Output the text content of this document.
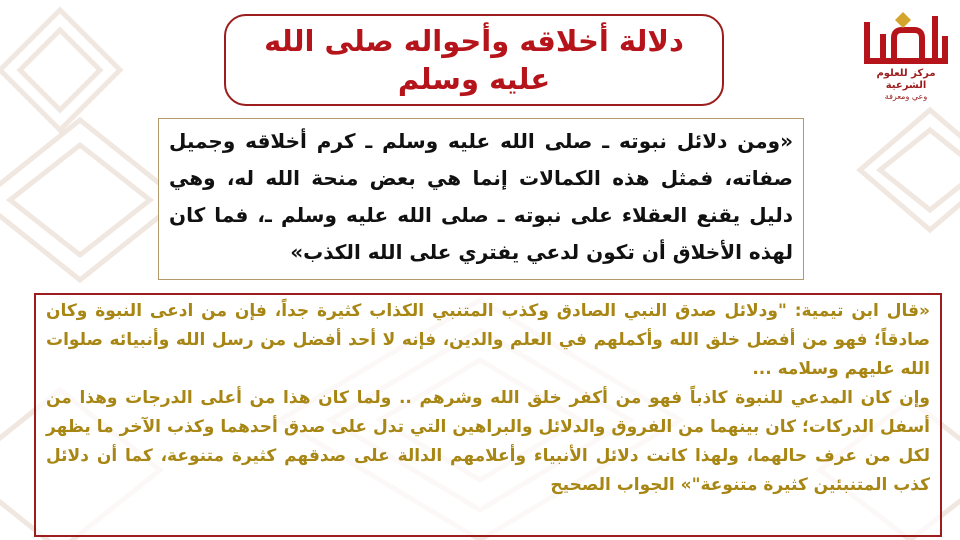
دلالة أخلاقه وأحواله صلى الله عليه وسلم	مركز للعلوم الشرعية
وعي ومعرفة
«ومن دلائل نبوته ـ صلى الله عليه وسلم ـ كرم أخلاقه وجميل صفاته، فمثل هذه الكمالات إنما هي بعض منحة الله له، وهي دليل يقنع العقلاء على نبوته ـ صلى الله عليه وسلم ـ، فما كان لهذه الأخلاق أن تكون لدعي يفتري على الله الكذب»

«قال ابن تيمية: "ودلائل صدق النبي الصادق وكذب المتنبي الكذاب كثيرة جداً، فإن من ادعى النبوة وكان صادقاً؛ فهو من أفضل خلق الله وأكملهم في العلم والدين، فإنه لا أحد أفضل من رسل الله وأنبيائه صلوات الله عليهم وسلامه ...

وإن كان المدعي للنبوة كاذباً فهو من أكفر خلق الله وشرهم .. ولما كان هذا من أعلى الدرجات وهذا من أسفل الدركات؛ كان بينهما من الفروق والدلائل والبراهين التي تدل على صدق أحدهما وكذب الآخر ما يظهر لكل من عرف حالهما، ولهذا كانت دلائل الأنبياء وأعلامهم الدالة على صدقهم كثيرة متنوعة، كما أن دلائل كذب المتنبئين كثيرة متنوعة"» الجواب الصحيح
